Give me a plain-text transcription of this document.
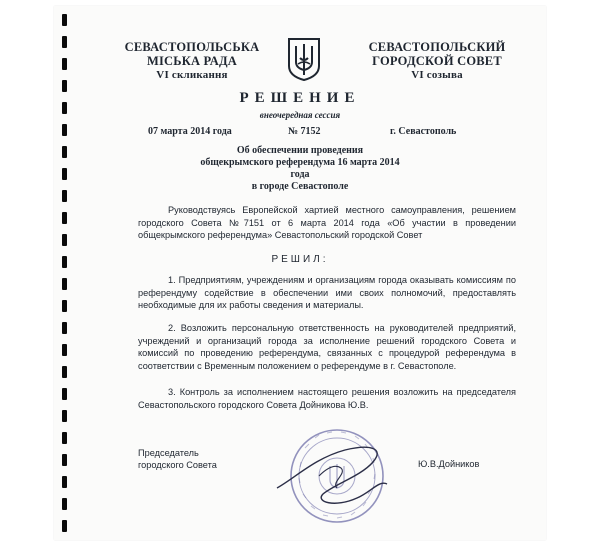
СЕВАСТОПОЛЬСЬКА
МІСЬКА РАДА
VI скликання
СЕВАСТОПОЛЬСКИЙ
ГОРОДСКОЙ СОВЕТ
VI созыва
РЕШЕНИЕ
внеочередная сессия
07 марта 2014 года	№ 7152	г. Севастополь
Об обеспечении проведения
общекрымского референдума 16 марта 2014 года
в городе Севастополе
Руководствуясь Европейской хартией местного самоуправления, решением городского Совета №7151 от 6 марта 2014 года «Об участии в проведении общекрымского референдума» Севастопольский городской Совет
РЕШИЛ:
1. Предприятиям, учреждениям и организациям города оказывать комиссиям по референдуму содействие в обеспечении ими своих полномочий, предоставлять необходимые для их работы сведения и материалы.
2. Возложить персональную ответственность на руководителей предприятий, учреждений и организаций города за исполнение решений городского Совета и комиссий по проведению референдума, связанных с процедурой референдума в соответствии с Временным положением о референдуме в г. Севастополе.
3. Контроль за исполнением настоящего решения возложить на председателя Севастопольского городского Совета Дойникова Ю.В.
Председатель
городского Совета	Ю.В.Дойников
